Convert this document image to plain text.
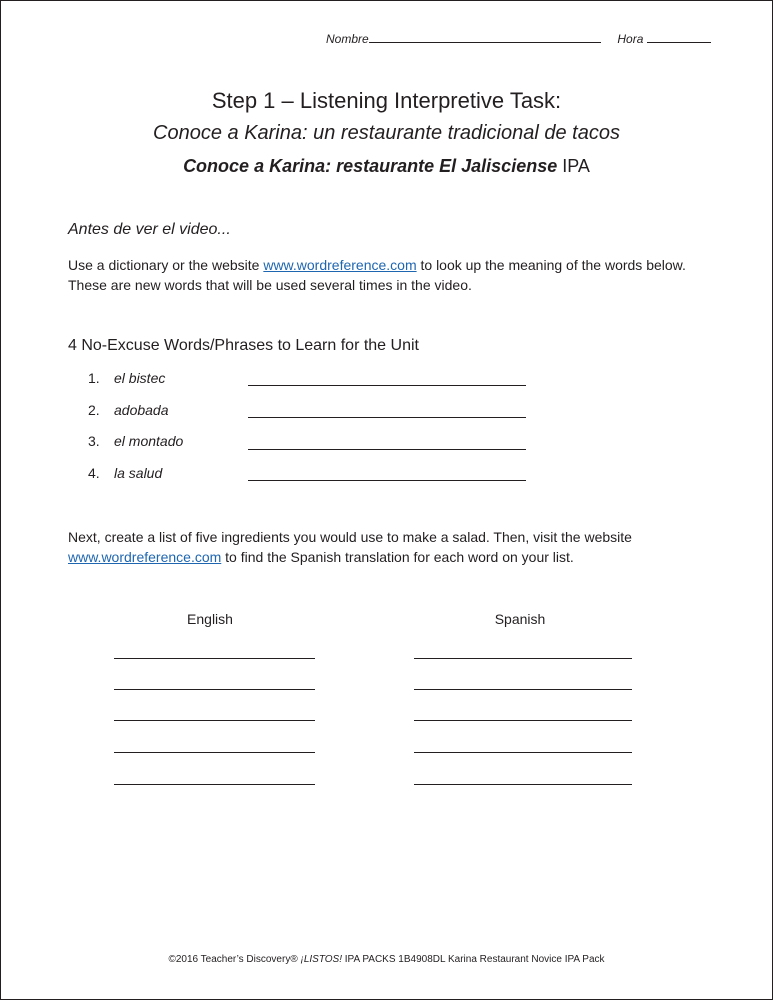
Nombre	Hora
Step 1 – Listening Interpretive Task:
Conoce a Karina: un restaurante tradicional de tacos
Conoce a Karina: restaurante El Jalisciense IPA
Antes de ver el video...
Use a dictionary or the website www.wordreference.com to look up the meaning of the words below. These are new words that will be used several times in the video.
4 No-Excuse Words/Phrases to Learn for the Unit
1. el bistec
2. adobada
3. el montado
4. la salud
Next, create a list of five ingredients you would use to make a salad. Then, visit the website
www.wordreference.com to find the Spanish translation for each word on your list.
English	Spanish
©2016 Teacher’s Discovery® ¡LISTOS! IPA PACKS 1B4908DL Karina Restaurant Novice IPA Pack
